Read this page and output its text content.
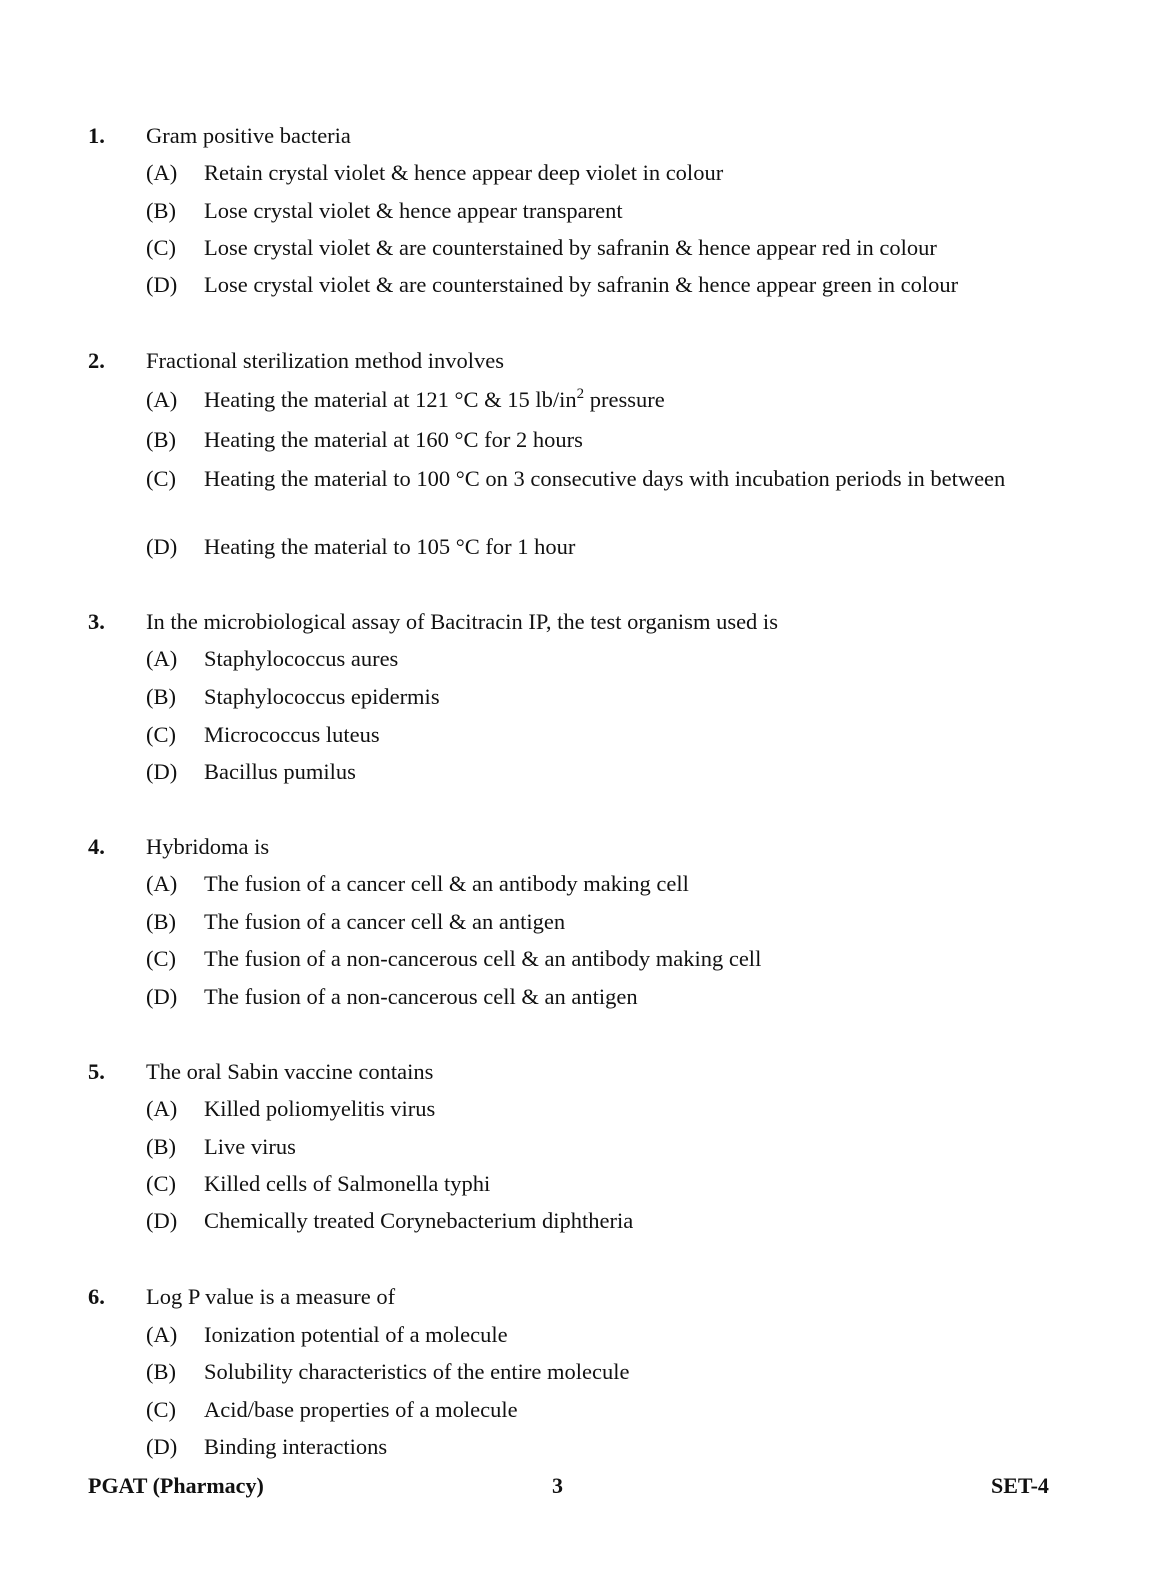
1. Gram positive bacteria
(A) Retain crystal violet & hence appear deep violet in colour
(B) Lose crystal violet & hence appear transparent
(C) Lose crystal violet & are counterstained by safranin & hence appear red in colour
(D) Lose crystal violet & are counterstained by safranin & hence appear green in colour
2. Fractional sterilization method involves
(A) Heating the material at 121 °C & 15 $lb/in^2$ pressure
(B) Heating the material at 160 °C for 2 hours
(C) Heating the material to 100 °C on 3 consecutive days with incubation periods in between
(D) Heating the material to 105 °C for 1 hour
3. In the microbiological assay of Bacitracin IP, the test organism used is
(A) Staphylococcus aures
(B) Staphylococcus epidermis
(C) Micrococcus luteus
(D) Bacillus pumilus
4. Hybridoma is
(A) The fusion of a cancer cell & an antibody making cell
(B) The fusion of a cancer cell & an antigen
(C) The fusion of a non-cancerous cell & an antibody making cell
(D) The fusion of a non-cancerous cell & an antigen
5. The oral Sabin vaccine contains
(A) Killed poliomyelitis virus
(B) Live virus
(C) Killed cells of Salmonella typhi
(D) Chemically treated Corynebacterium diphtheria
6. Log P value is a measure of
(A) Ionization potential of a molecule
(B) Solubility characteristics of the entire molecule
(C) Acid/base properties of a molecule
(D) Binding interactions
PGAT (Pharmacy)	3	SET-4
